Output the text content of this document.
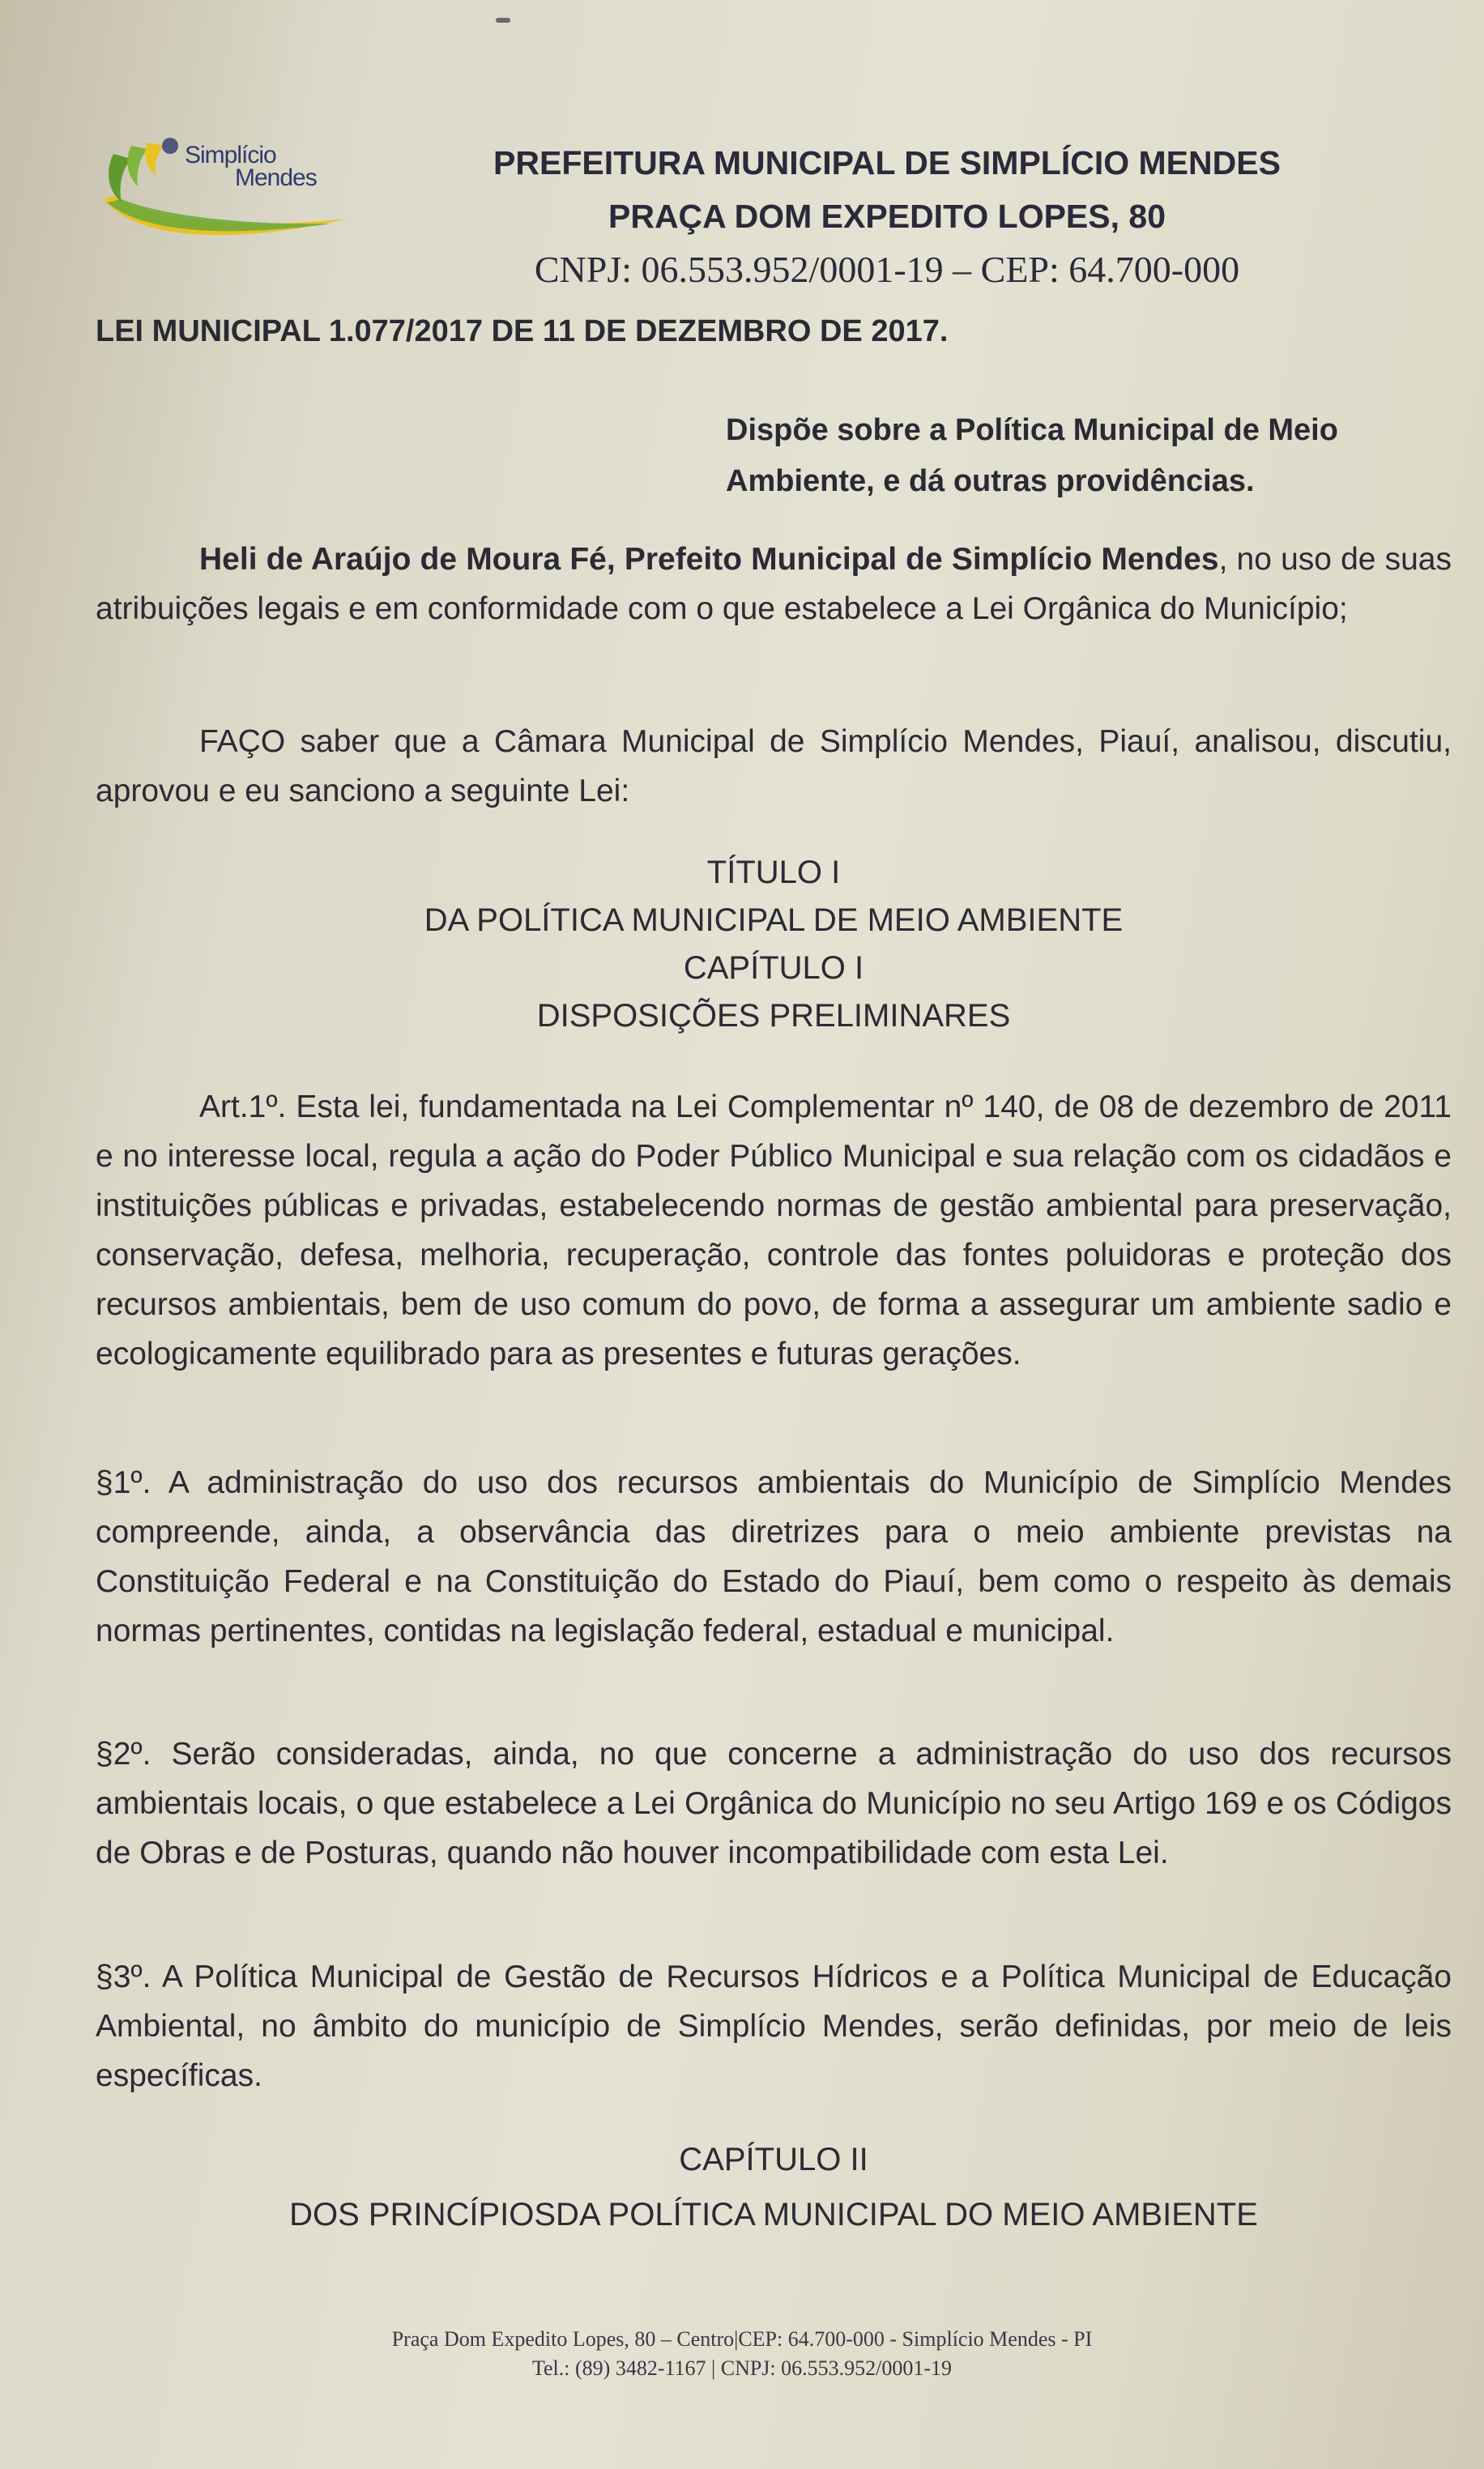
Simplício
Mendes	PREFEITURA MUNICIPAL DE SIMPLÍCIO MENDES
PRAÇA DOM EXPEDITO LOPES, 80
CNPJ: 06.553.952/0001-19 – CEP: 64.700-000
LEI MUNICIPAL 1.077/2017 DE 11 DE DEZEMBRO DE 2017.
Dispõe sobre a Política Municipal de Meio Ambiente, e dá outras providências.
Heli de Araújo de Moura Fé, Prefeito Municipal de Simplício Mendes, no uso de suas atribuições legais e em conformidade com o que estabelece a Lei Orgânica do Município;
FAÇO saber que a Câmara Municipal de Simplício Mendes, Piauí, analisou, discutiu, aprovou e eu sanciono a seguinte Lei:
TÍTULO I
DA POLÍTICA MUNICIPAL DE MEIO AMBIENTE
CAPÍTULO I
DISPOSIÇÕES PRELIMINARES
Art.1º. Esta lei, fundamentada na Lei Complementar nº 140, de 08 de dezembro de 2011 e no interesse local, regula a ação do Poder Público Municipal e sua relação com os cidadãos e instituições públicas e privadas, estabelecendo normas de gestão ambiental para preservação, conservação, defesa, melhoria, recuperação, controle das fontes poluidoras e proteção dos recursos ambientais, bem de uso comum do povo, de forma a assegurar um ambiente sadio e ecologicamente equilibrado para as presentes e futuras gerações.
§1º. A administração do uso dos recursos ambientais do Município de Simplício Mendes compreende, ainda, a observância das diretrizes para o meio ambiente previstas na Constituição Federal e na Constituição do Estado do Piauí, bem como o respeito às demais normas pertinentes, contidas na legislação federal, estadual e municipal.
§2º. Serão consideradas, ainda, no que concerne a administração do uso dos recursos ambientais locais, o que estabelece a Lei Orgânica do Município no seu Artigo 169 e os Códigos de Obras e de Posturas, quando não houver incompatibilidade com esta Lei.
§3º. A Política Municipal de Gestão de Recursos Hídricos e a Política Municipal de Educação Ambiental, no âmbito do município de Simplício Mendes, serão definidas, por meio de leis específicas.
CAPÍTULO II
DOS PRINCÍPIOSDA POLÍTICA MUNICIPAL DO MEIO AMBIENTE
Praça Dom Expedito Lopes, 80 – Centro|CEP: 64.700-000 - Simplício Mendes - PI
Tel.: (89) 3482-1167 | CNPJ: 06.553.952/0001-19
